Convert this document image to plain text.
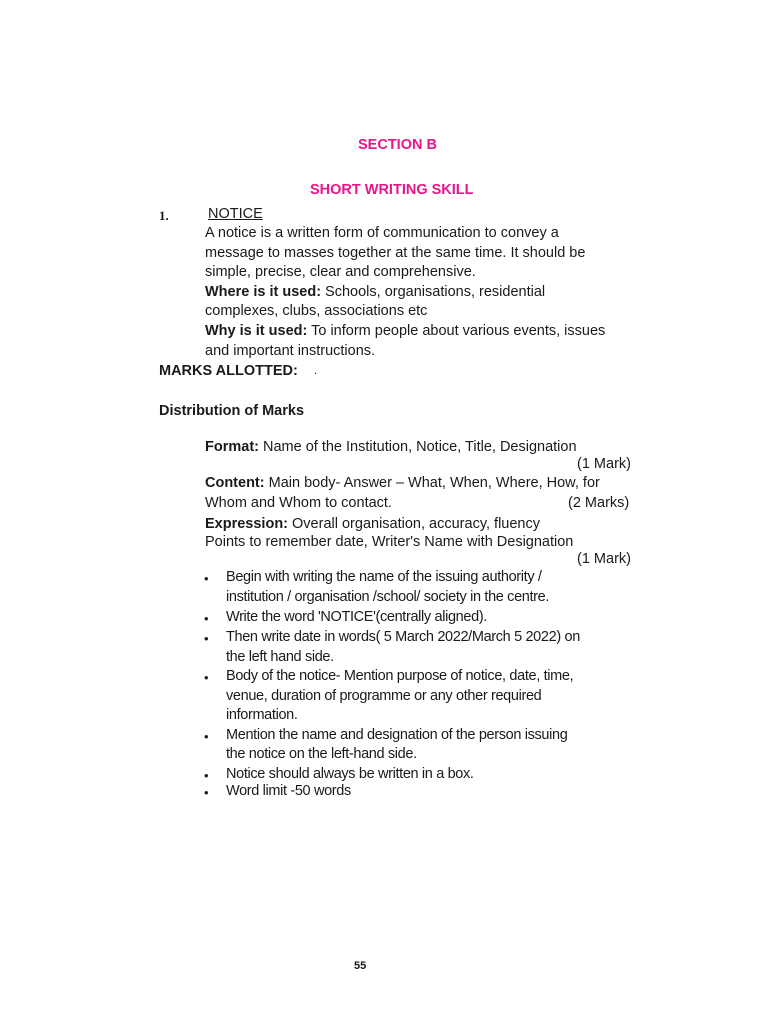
SECTION B
SHORT WRITING SKILL
1.	NOTICE
A notice is a written form of communication to convey a
message to masses together at the same time. It should be
simple, precise, clear and comprehensive.
Where is it used: Schools, organisations, residential
complexes, clubs, associations etc
Why is it used: To inform people about various events, issues
and important instructions.
MARKS ALLOTTED: .
Distribution of Marks
Format: Name of the Institution, Notice, Title, Designation
(1 Mark)
Content: Main body- Answer – What, When, Where, How, for
Whom and Whom to contact.	(2 Marks)
Expression: Overall organisation, accuracy, fluency
Points to remember date, Writer's Name with Designation
(1 Mark)
• Begin with writing the name of the issuing authority /
institution / organisation /school/ society in the centre.
• Write the word 'NOTICE'(centrally aligned).
• Then write date in words( 5 March 2022/March 5 2022) on
the left hand side.
• Body of the notice- Mention purpose of notice, date, time,
venue, duration of programme or any other required
information.
• Mention the name and designation of the person issuing
the notice on the left-hand side.
• Notice should always be written in a box.
• Word limit -50 words
55
